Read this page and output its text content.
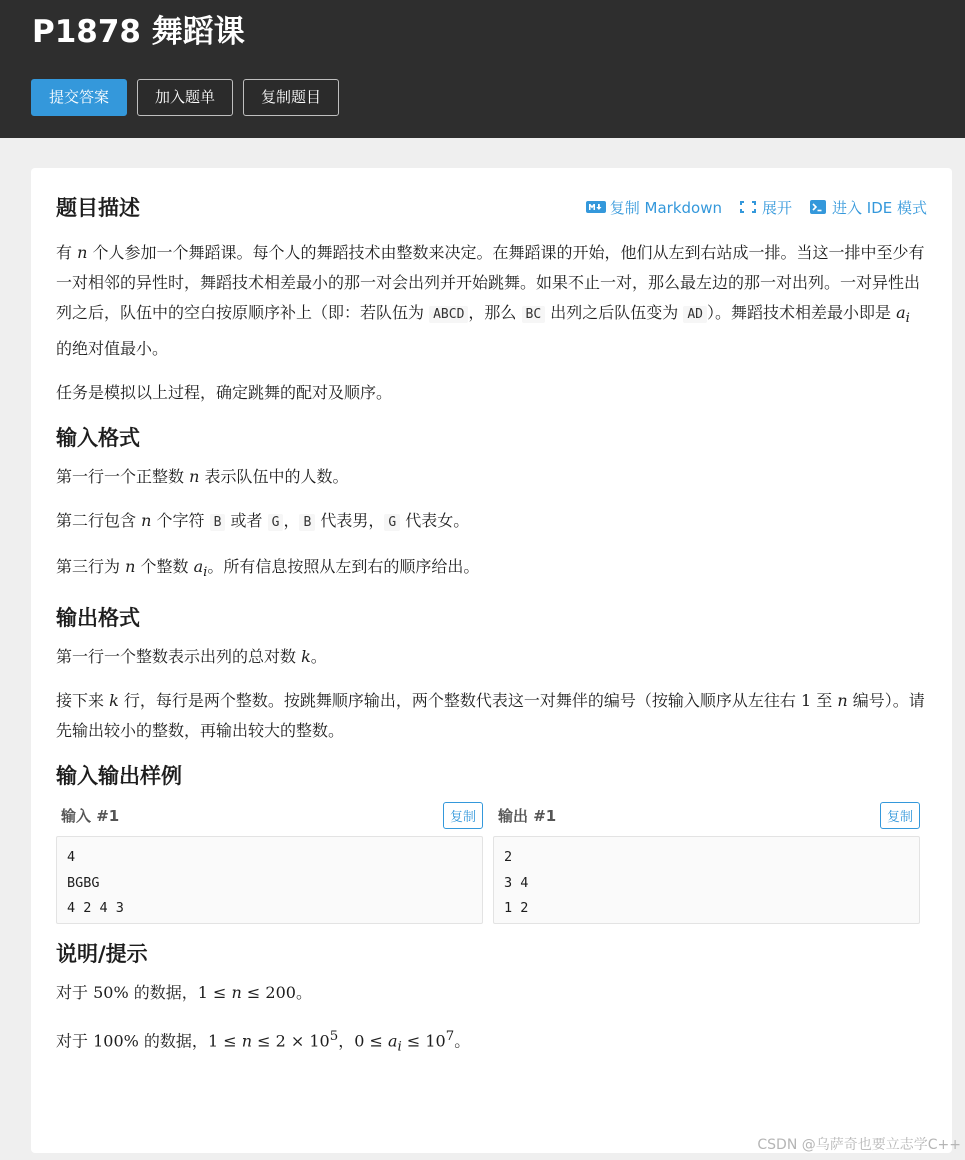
P1878 舞蹈课
提交答案	加入题单	复制题目
题目描述	复制 Markdown	展开	进入 IDE 模式

有 n 个人参加一个舞蹈课。每个人的舞蹈技术由整数来决定。在舞蹈课的开始，他们从左到右站成一排。当这一排中至少有一对相邻的异性时，舞蹈技术相差最小的那一对会出列并开始跳舞。如果不止一对，那么最左边的那一对出列。一对异性出列之后，队伍中的空白按原顺序补上（即：若队伍为 ABCD ，那么 BC 出列之后队伍变为 AD ）。舞蹈技术相差最小即是 $a_i$ 的绝对值最小。

任务是模拟以上过程，确定跳舞的配对及顺序。

输入格式

第一行一个正整数 n 表示队伍中的人数。

第二行包含 n 个字符 B 或者 G ， B 代表男， G 代表女。

第三行为 n 个整数 $a_i$。所有信息按照从左到右的顺序给出。

输出格式

第一行一个整数表示出列的总对数 k。

接下来 k 行，每行是两个整数。按跳舞顺序输出，两个整数代表这一对舞伴的编号（按输入顺序从左往右 1 至 n 编号）。请先输出较小的整数，再输出较大的整数。

输入输出样例
输入 #1	复制
4
BGBG
4 2 4 3
输出 #1	复制
2
3 4
1 2
说明/提示

对于 50% 的数据，1 ≤ n ≤ 200。

对于 100% 的数据，$1 \le n \le 2 \times 10^5$，$0 \le a_i \le 10^7$。

CSDN @乌萨奇也要立志学C++
